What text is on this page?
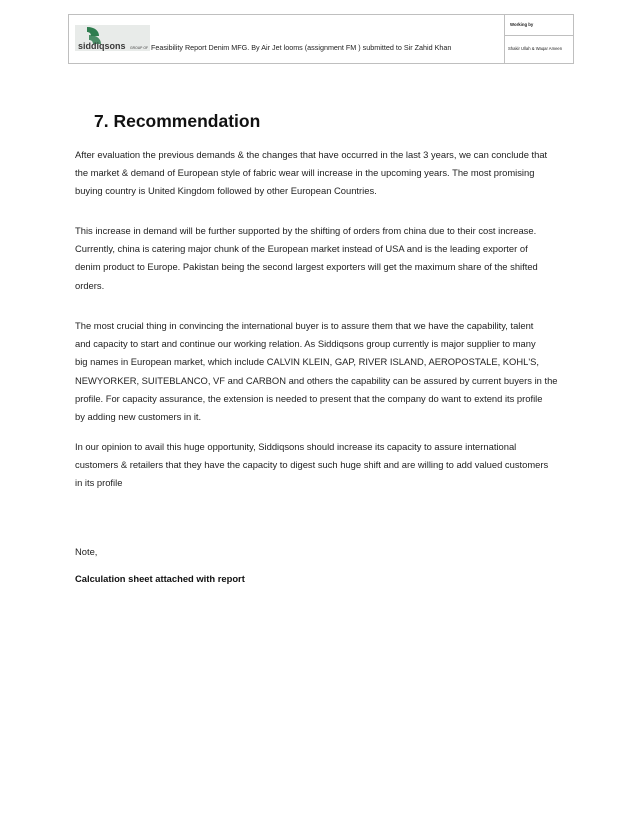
siddiqsons GROUP OF Feasibility Report Denim MFG. By Air Jet looms (assignment FM ) submitted to Sir Zahid Khan
Working by
Shakir Ullah & Waqar Ameen
7. Recommendation
After evaluation the previous demands & the changes that have occurred in the last 3 years, we can conclude that
the market & demand of European style of fabric wear will increase in the upcoming years. The most promising
buying country is United Kingdom followed by other European Countries.
This increase in demand will be further supported by the shifting of orders from china due to their cost increase.
Currently, china is catering major chunk of the European market instead of USA and is the leading exporter of
denim product to Europe. Pakistan being the second largest exporters will get the maximum share of the shifted
orders.
The most crucial thing in convincing the international buyer is to assure them that we have the capability, talent
and capacity to start and continue our working relation. As Siddiqsons group currently is major supplier to many
big names in European market, which include CALVIN KLEIN, GAP, RIVER ISLAND, AEROPOSTALE, KOHL'S,
NEWYORKER, SUITEBLANCO, VF and CARBON and others the capability can be assured by current buyers in the
profile. For capacity assurance, the extension is needed to present that the company do want to extend its profile
by adding new customers in it.
In our opinion to avail this huge opportunity, Siddiqsons should increase its capacity to assure international
customers & retailers that they have the capacity to digest such huge shift and are willing to add valued customers
in its profile
Note,
Calculation sheet attached with report
